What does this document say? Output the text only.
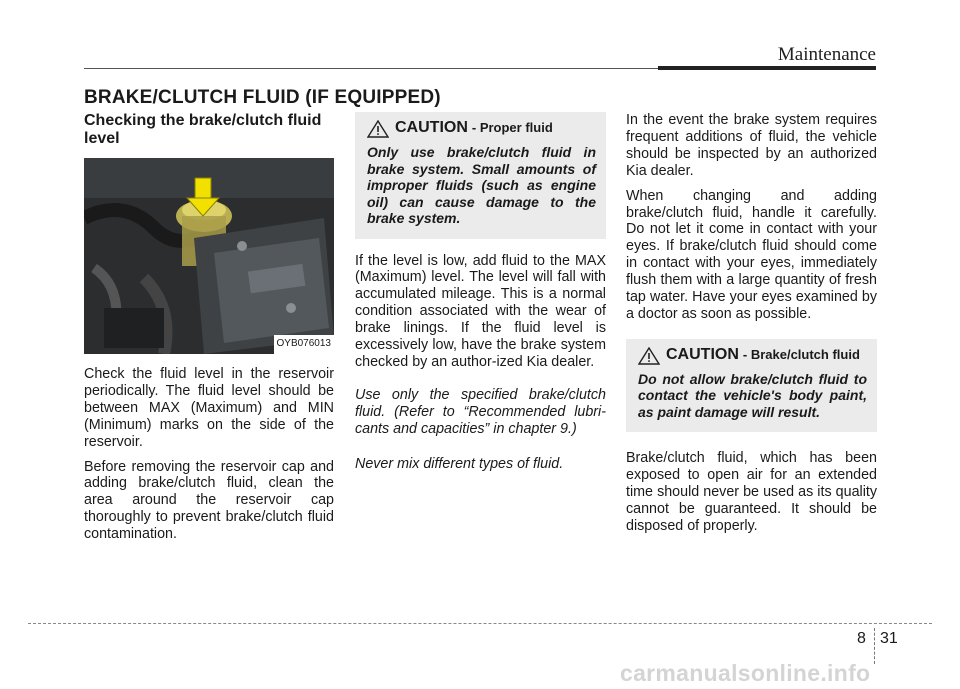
Maintenance
BRAKE/CLUTCH FLUID (IF EQUIPPED)
Checking the brake/clutch fluid level
OYB076013

Check the fluid level in the reservoir periodically. The fluid level should be between MAX (Maximum) and MIN (Minimum) marks on the side of the reservoir.

Before removing the reservoir cap and adding brake/clutch fluid, clean the area around the reservoir cap thoroughly to prevent brake/clutch fluid contamination.

CAUTION - Proper fluid
Only use brake/clutch fluid in brake system. Small amounts of improper fluids (such as engine oil) can cause damage to the brake system.

If the level is low, add fluid to the MAX (Maximum) level. The level will fall with accumulated mileage. This is a normal condition associated with the wear of brake linings. If the fluid level is excessively low, have the brake system checked by an author-ized Kia dealer.

Use only the specified brake/clutch fluid. (Refer to “Recommended lubri-cants and capacities” in chapter 9.)

Never mix different types of fluid.

In the event the brake system requires frequent additions of fluid, the vehicle should be inspected by an authorized Kia dealer.

When changing and adding brake/clutch fluid, handle it carefully. Do not let it come in contact with your eyes. If brake/clutch fluid should come in contact with your eyes, immediately flush them with a large quantity of fresh tap water. Have your eyes examined by a doctor as soon as possible.

CAUTION - Brake/clutch fluid
Do not allow brake/clutch fluid to contact the vehicle's body paint, as paint damage will result.

Brake/clutch fluid, which has been exposed to open air for an extended time should never be used as its quality cannot be guaranteed. It should be disposed of properly.

8 31
carmanualsonline.info
